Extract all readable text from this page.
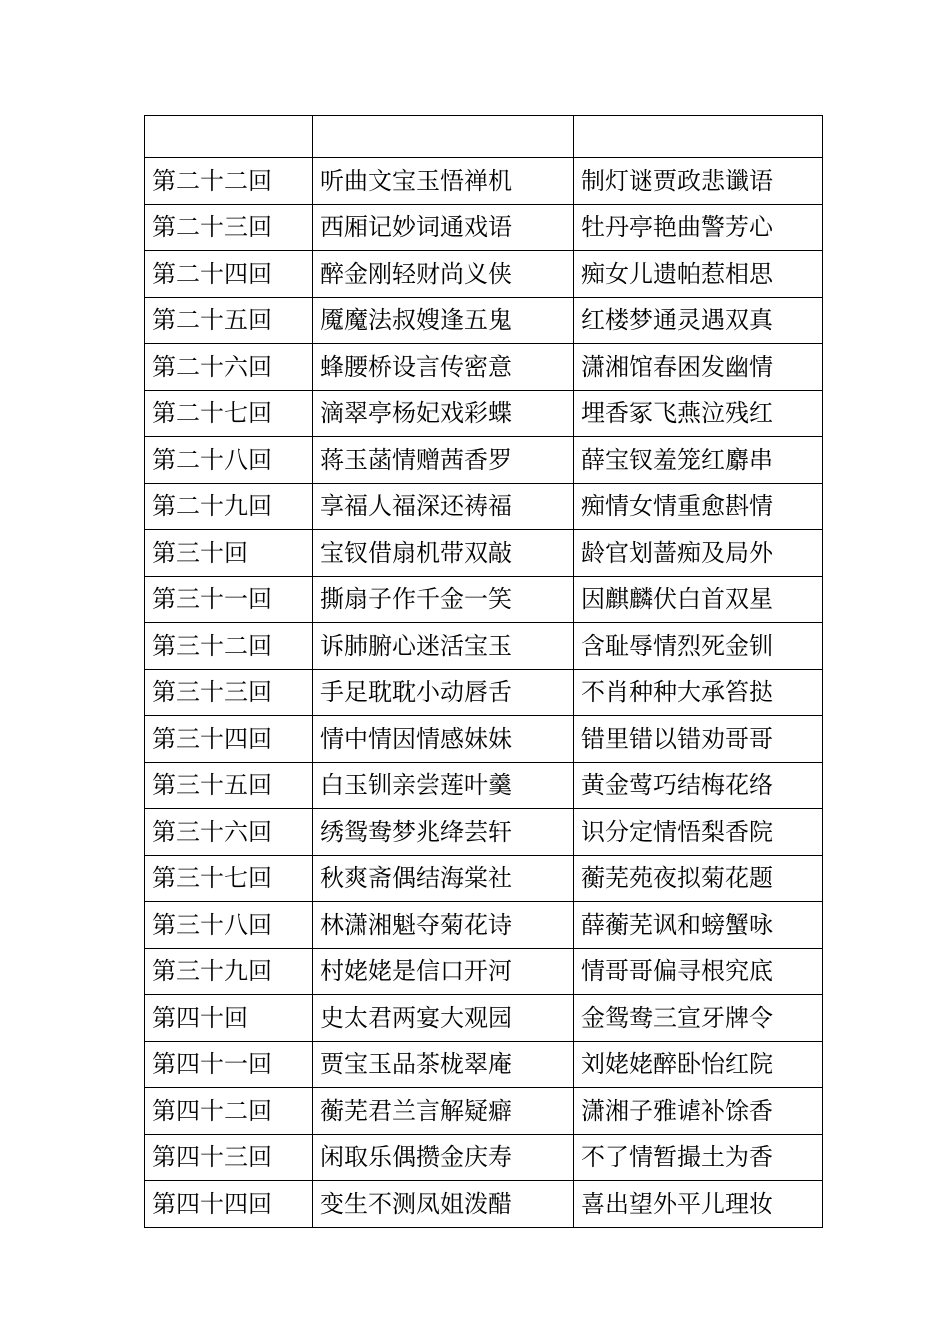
第二十二回	听曲文宝玉悟禅机	制灯谜贾政悲谶语
第二十三回	西厢记妙词通戏语	牡丹亭艳曲警芳心
第二十四回	醉金刚轻财尚义侠	痴女儿遗帕惹相思
第二十五回	魇魔法叔嫂逢五鬼	红楼梦通灵遇双真
第二十六回	蜂腰桥设言传密意	潇湘馆春困发幽情
第二十七回	滴翠亭杨妃戏彩蝶	埋香冢飞燕泣残红
第二十八回	蒋玉菡情赠茜香罗	薛宝钗羞笼红麝串
第二十九回	享福人福深还祷福	痴情女情重愈斟情
第三十回	宝钗借扇机带双敲	龄官划蔷痴及局外
第三十一回	撕扇子作千金一笑	因麒麟伏白首双星
第三十二回	诉肺腑心迷活宝玉	含耻辱情烈死金钏
第三十三回	手足耽耽小动唇舌	不肖种种大承笞挞
第三十四回	情中情因情感妹妹	错里错以错劝哥哥
第三十五回	白玉钏亲尝莲叶羹	黄金莺巧结梅花络
第三十六回	绣鸳鸯梦兆绛芸轩	识分定情悟梨香院
第三十七回	秋爽斋偶结海棠社	蘅芜苑夜拟菊花题
第三十八回	林潇湘魁夺菊花诗	薛蘅芜讽和螃蟹咏
第三十九回	村姥姥是信口开河	情哥哥偏寻根究底
第四十回	史太君两宴大观园	金鸳鸯三宣牙牌令
第四十一回	贾宝玉品茶栊翠庵	刘姥姥醉卧怡红院
第四十二回	蘅芜君兰言解疑癖	潇湘子雅谑补馀香
第四十三回	闲取乐偶攒金庆寿	不了情暂撮土为香
第四十四回	变生不测凤姐泼醋	喜出望外平儿理妆
